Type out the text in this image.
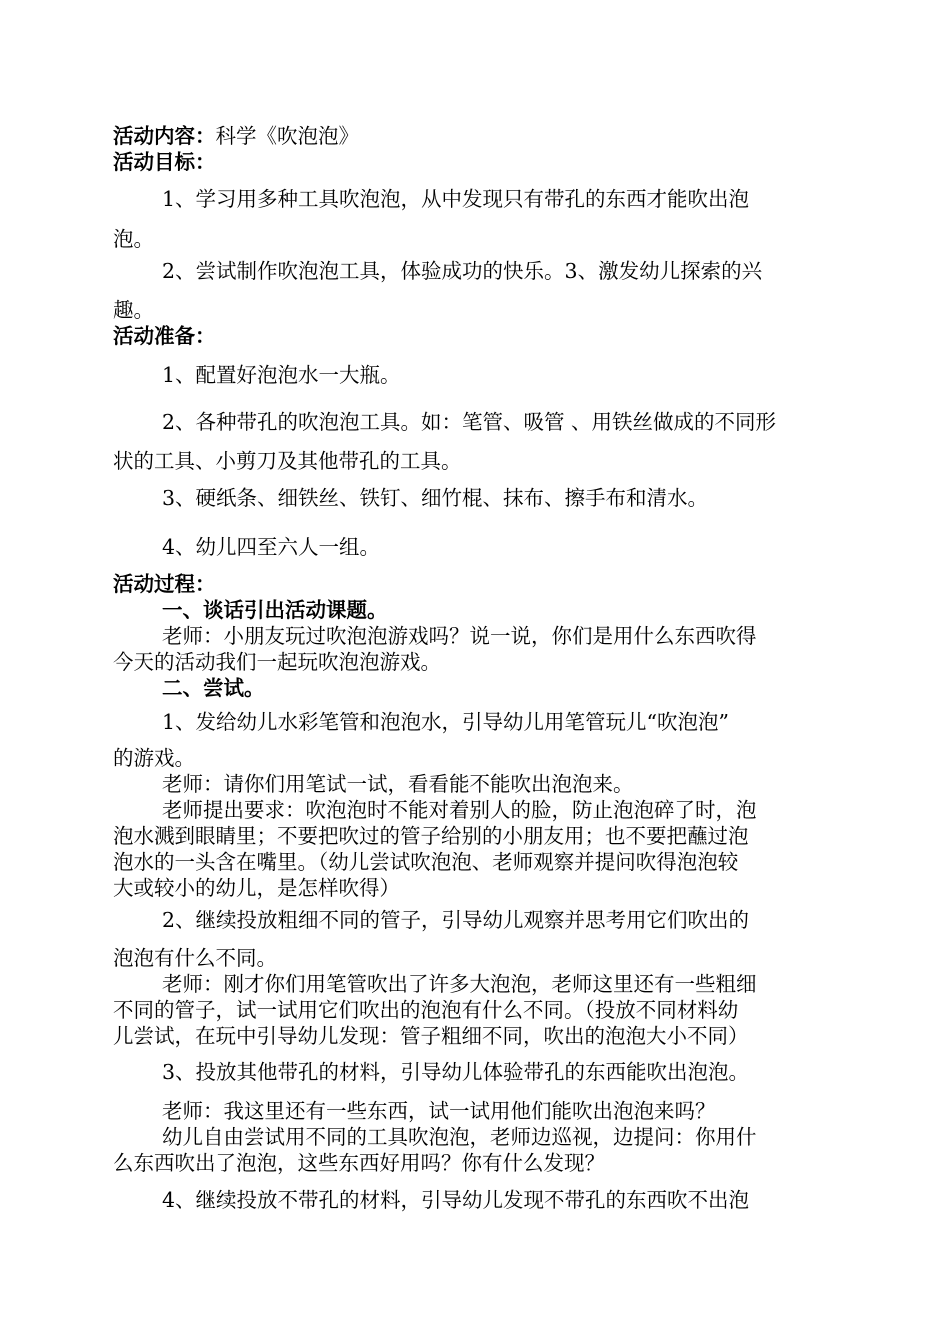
活动内容：科学《吹泡泡》

活动目标：

1、学习用多种工具吹泡泡，从中发现只有带孔的东西才能吹出泡

泡。

2、尝试制作吹泡泡工具，体验成功的快乐。3、激发幼儿探索的兴

趣。

活动准备：

1、配置好泡泡水一大瓶。

2、各种带孔的吹泡泡工具。如：笔管、吸管 、用铁丝做成的不同形

状的工具、小剪刀及其他带孔的工具。

3、硬纸条、细铁丝、铁钉、细竹棍、抹布、擦手布和清水。

4、幼儿四至六人一组。

活动过程：

一、谈话引出活动课题。

老师：小朋友玩过吹泡泡游戏吗？说一说，你们是用什么东西吹得

今天的活动我们一起玩吹泡泡游戏。

二、尝试。

1、发给幼儿水彩笔管和泡泡水，引导幼儿用笔管玩儿“吹泡泡”

的游戏。

老师：请你们用笔试一试，看看能不能吹出泡泡来。

老师提出要求：吹泡泡时不能对着别人的脸，防止泡泡碎了时，泡

泡水溅到眼睛里；不要把吹过的管子给别的小朋友用；也不要把蘸过泡

泡水的一头含在嘴里。（幼儿尝试吹泡泡、老师观察并提问吹得泡泡较

大或较小的幼儿，是怎样吹得）

2、继续投放粗细不同的管子，引导幼儿观察并思考用它们吹出的

泡泡有什么不同。

老师：刚才你们用笔管吹出了许多大泡泡，老师这里还有一些粗细

不同的管子，试一试用它们吹出的泡泡有什么不同。（投放不同材料幼

儿尝试，在玩中引导幼儿发现：管子粗细不同，吹出的泡泡大小不同）

3、投放其他带孔的材料，引导幼儿体验带孔的东西能吹出泡泡。

老师：我这里还有一些东西，试一试用他们能吹出泡泡来吗？

幼儿自由尝试用不同的工具吹泡泡，老师边巡视，边提问：你用什

么东西吹出了泡泡，这些东西好用吗？你有什么发现？

4、继续投放不带孔的材料，引导幼儿发现不带孔的东西吹不出泡
